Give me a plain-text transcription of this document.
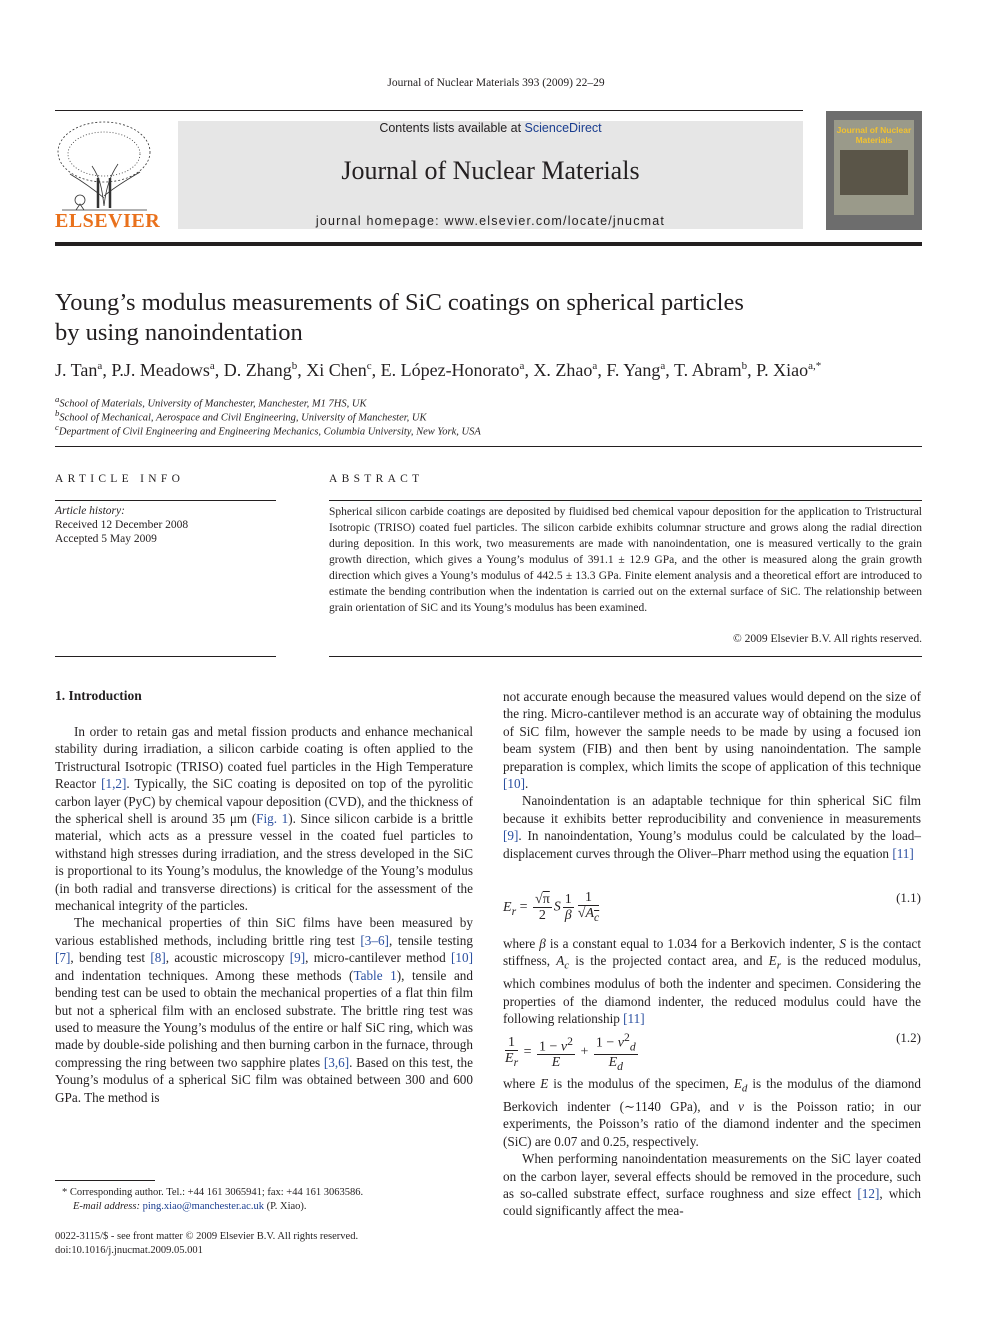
Journal of Nuclear Materials 393 (2009) 22–29
ELSEVIER
Contents lists available at ScienceDirect
Journal of Nuclear Materials
journal homepage: www.elsevier.com/locate/jnucmat
Journal of Nuclear Materials
Young’s modulus measurements of SiC coatings on spherical particles
by using nanoindentation
J. Tan$^a$, P.J. Meadows$^a$, D. Zhang$^b$, Xi Chen$^c$, E. López-Honorato$^a$, X. Zhao$^a$, F. Yang$^a$, T. Abram$^b$, P. Xiao$^{a,*}$
$^a$School of Materials, University of Manchester, Manchester, M1 7HS, UK
$^b$School of Mechanical, Aerospace and Civil Engineering, University of Manchester, UK
$^c$Department of Civil Engineering and Engineering Mechanics, Columbia University, New York, USA
ARTICLE INFO	ABSTRACT
Article history:
Received 12 December 2008
Accepted 5 May 2009
Spherical silicon carbide coatings are deposited by fluidised bed chemical vapour deposition for the application to Tristructural Isotropic (TRISO) coated fuel particles. The silicon carbide exhibits columnar structure and grows along the radial direction during deposition. In this work, two measurements are made with nanoindentation, one is measured vertically to the grain growth direction, which gives a Young’s modulus of 391.1 ± 12.9 GPa, and the other is measured along the grain growth direction which gives a Young’s modulus of 442.5 ± 13.3 GPa. Finite element analysis and a theoretical effort are introduced to estimate the bending contribution when the indentation is carried out on the external surface of SiC. The relationship between grain orientation of SiC and its Young’s modulus has been examined.
© 2009 Elsevier B.V. All rights reserved.
1. Introduction

In order to retain gas and metal fission products and enhance mechanical stability during irradiation, a silicon carbide coating is often applied to the Tristructural Isotropic (TRISO) coated fuel particles in the High Temperature Reactor [1,2]. Typically, the SiC coating is deposited on top of the pyrolitic carbon layer (PyC) by chemical vapour deposition (CVD), and the thickness of the spherical shell is around 35 μm (Fig. 1). Since silicon carbide is a brittle material, which acts as a pressure vessel in the coated fuel particles to withstand high stresses during irradiation, and the stress developed in the SiC is proportional to its Young’s modulus, the knowledge of the Young’s modulus (in both radial and transverse directions) is critical for the assessment of the mechanical integrity of the particles.

The mechanical properties of thin SiC films have been measured by various established methods, including brittle ring test [3–6], tensile testing [7], bending test [8], acoustic microscopy [9], micro-cantilever method [10] and indentation techniques. Among these methods (Table 1), tensile and bending test can be used to obtain the mechanical properties of a flat thin film but not a spherical film with an enclosed substrate. The brittle ring test was used to measure the Young’s modulus of the entire or half SiC ring, which was made by double-side polishing and then burning carbon in the furnace, through compressing the ring between two sapphire plates [3,6]. Based on this test, the Young’s modulus of a spherical SiC film was obtained between 300 and 600 GPa. The method is

not accurate enough because the measured values would depend on the size of the ring. Micro-cantilever method is an accurate way of obtaining the modulus of SiC film, however the sample needs to be made by using a focused ion beam system (FIB) and then bent by using nanoindentation. The sample preparation is complex, which limits the scope of application of this technique [10].

Nanoindentation is an adaptable technique for thin spherical SiC film because it exhibits better reproducibility and convenience in measurements [9]. In nanoindentation, Young’s modulus could be calculated by the load–displacement curves through the Oliver–Pharr method using the equation [11]

$E_r = \frac{√\pi}{2}$ S $\frac{1}{\beta} \frac{1}{√A_c}$	(1.1)

where β is a constant equal to 1.034 for a Berkovich indenter, S is the contact stiffness, $A_c$ is the projected contact area, and $E_r$ is the reduced modulus, which combines modulus of both the indenter and specimen. Considering the properties of the diamond indenter, the reduced modulus could have the following relationship [11]

$\frac{1}{E_r} = \frac{1 - \nu^2}{E} + \frac{1 - \nu^2_d}{E_d}$	(1.2)

where E is the modulus of the specimen, $E_d$ is the modulus of the diamond Berkovich indenter (∼1140 GPa), and ν is the Poisson ratio; in our experiments, the Poisson’s ratio of the diamond indenter and the specimen (SiC) are 0.07 and 0.25, respectively.

When performing nanoindentation measurements on the SiC layer coated on the carbon layer, several effects should be removed in the procedure, such as so-called substrate effect, surface roughness and size effect [12], which could significantly affect the mea-

* Corresponding author. Tel.: +44 161 3065941; fax: +44 161 3063586.
E-mail address: ping.xiao@manchester.ac.uk (P. Xiao).
0022-3115/$ - see front matter © 2009 Elsevier B.V. All rights reserved.
doi:10.1016/j.jnucmat.2009.05.001
